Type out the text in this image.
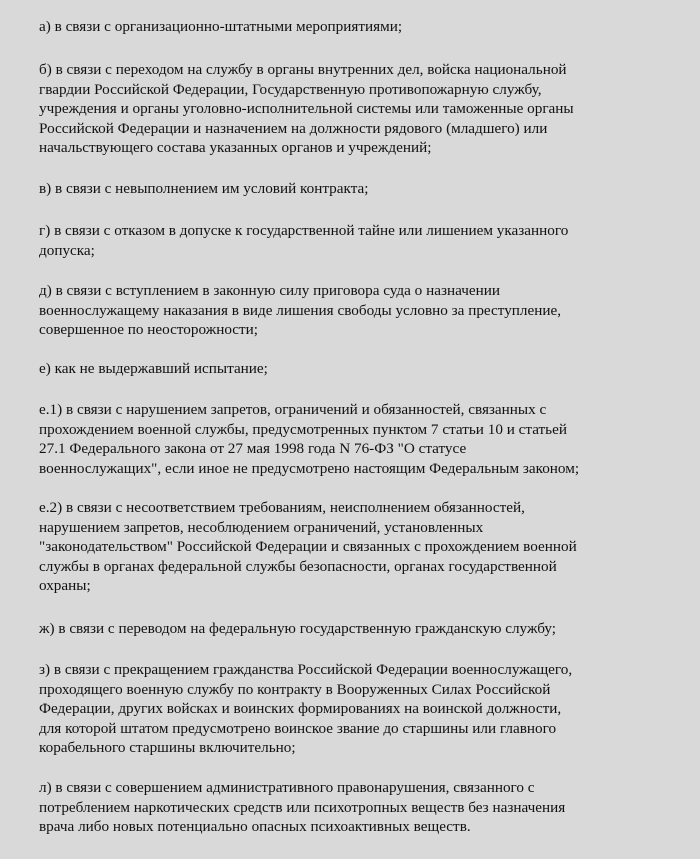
а) в связи с организационно-штатными мероприятиями;
б) в связи с переходом на службу в органы внутренних дел, войска национальной
гвардии Российской Федерации, Государственную противопожарную службу,
учреждения и органы уголовно-исполнительной системы или таможенные органы
Российской Федерации и назначением на должности рядового (младшего) или
начальствующего состава указанных органов и учреждений;
в) в связи с невыполнением им условий контракта;
г) в связи с отказом в допуске к государственной тайне или лишением указанного
допуска;
д) в связи с вступлением в законную силу приговора суда о назначении
военнослужащему наказания в виде лишения свободы условно за преступление,
совершенное по неосторожности;
е) как не выдержавший испытание;
е.1) в связи с нарушением запретов, ограничений и обязанностей, связанных с
прохождением военной службы, предусмотренных пунктом 7 статьи 10 и статьей
27.1 Федерального закона от 27 мая 1998 года N 76-ФЗ "О статусе
военнослужащих", если иное не предусмотрено настоящим Федеральным законом;
е.2) в связи с несоответствием требованиям, неисполнением обязанностей,
нарушением запретов, несоблюдением ограничений, установленных
"законодательством" Российской Федерации и связанных с прохождением военной
службы в органах федеральной службы безопасности, органах государственной
охраны;
ж) в связи с переводом на федеральную государственную гражданскую службу;
з) в связи с прекращением гражданства Российской Федерации военнослужащего,
проходящего военную службу по контракту в Вооруженных Силах Российской
Федерации, других войсках и воинских формированиях на воинской должности,
для которой штатом предусмотрено воинское звание до старшины или главного
корабельного старшины включительно;
л) в связи с совершением административного правонарушения, связанного с
потреблением наркотических средств или психотропных веществ без назначения
врача либо новых потенциально опасных психоактивных веществ.
